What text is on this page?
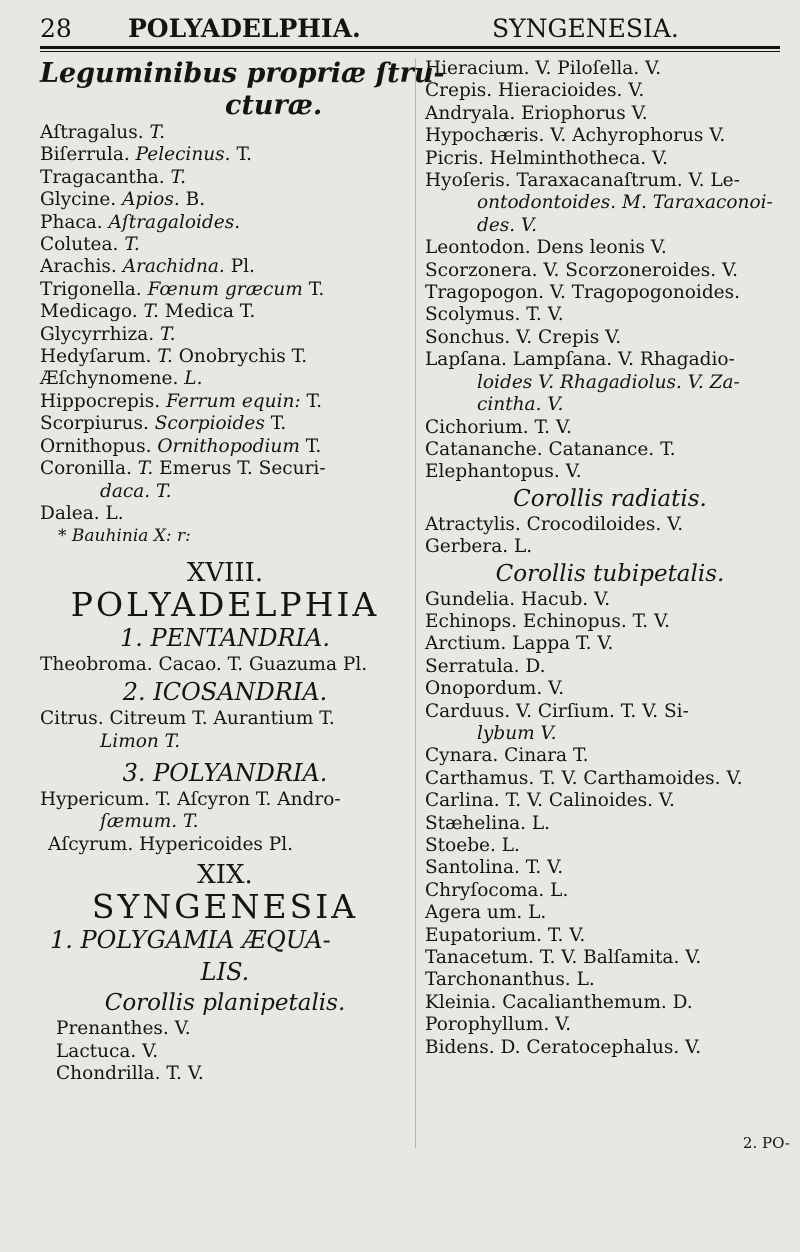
28 POLYADELPHIA.	SYNGENESIA.
Leguminibus propriæ ſtru-
cturæ.
Aſtragalus. T.
Biſerrula. Pelecinus. T.
Tragacantha. T.
Glycine. Apios. B.
Phaca. Aſtragaloides.
Colutea. T.
Arachis. Arachidna. Pl.
Trigonella. Fœnum græcum T.
Medicago. T. Medica T.
Glycyrrhiza. T.
Hedyſarum. T. Onobrychis T.
Æſchynomene. L.
Hippocrepis. Ferrum equin: T.
Scorpiurus. Scorpioides T.
Ornithopus. Ornithopodium T.
Coronilla. T. Emerus T. Securi-
daca. T.
Dalea. L.
* Bauhinia X: r:
XVIII.
POLYADELPHIA
1. PENTANDRIA.
Theobroma. Cacao. T. Guazuma Pl.
2. ICOSANDRIA.
Citrus. Citreum T. Aurantium T.
Limon T.
3. POLYANDRIA.
Hypericum. T. Aſcyron T. Andro-
ſæmum. T.
Aſcyrum. Hypericoides Pl.
XIX.
SYNGENESIA
1. POLYGAMIA ÆQUA-
LIS.
Corollis planipetalis.
Prenanthes. V.
Lactuca. V.
Chondrilla. T. V.
Hieracium. V. Piloſella. V.
Crepis. Hieracioides. V.
Andryala. Eriophorus V.
Hypochæris. V. Achyrophorus V.
Picris. Helminthotheca. V.
Hyoſeris. Taraxacanaſtrum. V. Le-
ontodontoides. M. Taraxaconoi-
des. V.
Leontodon. Dens leonis V.
Scorzonera. V. Scorzoneroides. V.
Tragopogon. V. Tragopogonoides.
Scolymus. T. V.
Sonchus. V. Crepis V.
Lapſana. Lampſana. V. Rhagadio-
loides V. Rhagadiolus. V. Za-
cintha. V.
Cichorium. T. V.
Catananche. Catanance. T.
Elephantopus. V.
Corollis radiatis.
Atractylis. Crocodiloides. V.
Gerbera. L.
Corollis tubipetalis.
Gundelia. Hacub. V.
Echinops. Echinopus. T. V.
Arctium. Lappa T. V.
Serratula. D.
Onopordum. V.
Carduus. V. Cirſium. T. V. Si-
lybum V.
Cynara. Cinara T.
Carthamus. T. V. Carthamoides. V.
Carlina. T. V. Calinoides. V.
Stæhelina. L.
Stoebe. L.
Santolina. T. V.
Chryſocoma. L.
Agera um. L.
Eupatorium. T. V.
Tanacetum. T. V. Balſamita. V.
Tarchonanthus. L.
Kleinia. Cacalianthemum. D.
Porophyllum. V.
Bidens. D. Ceratocephalus. V.
2. PO-
